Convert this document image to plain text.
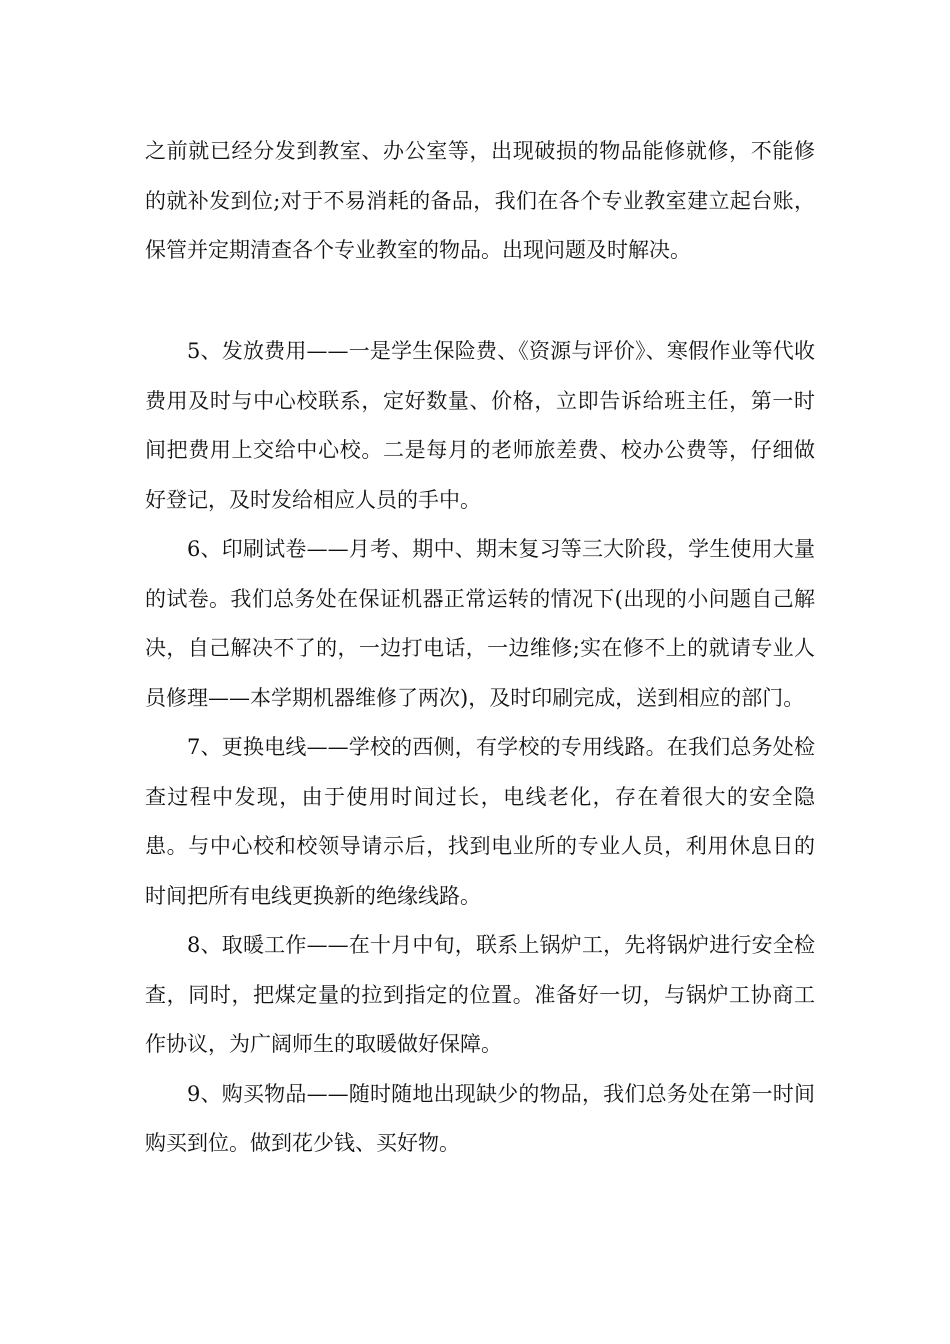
之前就已经分发到教室、办公室等，出现破损的物品能修就修，不能修的就补发到位;对于不易消耗的备品，我们在各个专业教室建立起台账，保管并定期清查各个专业教室的物品。出现问题及时解决。

5、发放费用——一是学生保险费、《资源与评价》、寒假作业等代收费用及时与中心校联系，定好数量、价格，立即告诉给班主任，第一时间把费用上交给中心校。二是每月的老师旅差费、校办公费等，仔细做好登记，及时发给相应人员的手中。

6、印刷试卷——月考、期中、期末复习等三大阶段，学生使用大量的试卷。我们总务处在保证机器正常运转的情况下(出现的小问题自己解决，自己解决不了的，一边打电话，一边维修;实在修不上的就请专业人员修理——本学期机器维修了两次)，及时印刷完成，送到相应的部门。

7、更换电线——学校的西侧，有学校的专用线路。在我们总务处检查过程中发现，由于使用时间过长，电线老化，存在着很大的安全隐患。与中心校和校领导请示后，找到电业所的专业人员，利用休息日的时间把所有电线更换新的绝缘线路。

8、取暖工作——在十月中旬，联系上锅炉工，先将锅炉进行安全检查，同时，把煤定量的拉到指定的位置。准备好一切，与锅炉工协商工作协议，为广阔师生的取暖做好保障。

9、购买物品——随时随地出现缺少的物品，我们总务处在第一时间购买到位。做到花少钱、买好物。
